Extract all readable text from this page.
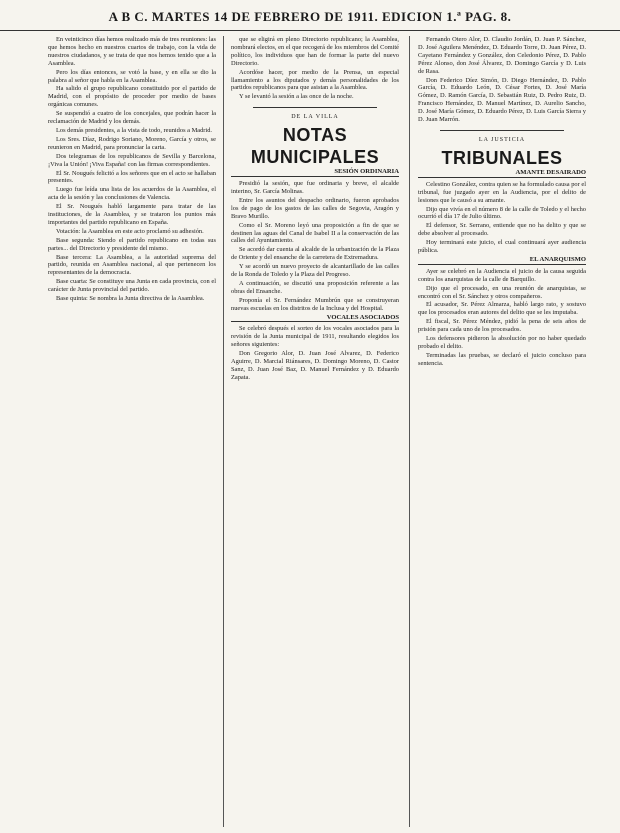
A B C. MARTES 14 DE FEBRERO DE 1911. EDICION 1.ª PAG. 8.

En veinticinco días hemos realizado más de tres reuniones: las que hemos hecho en nuestros cuartos de trabajo, con la vida de nuestros ciudadanos, y se trata de que nos hemos tenido que a la Asamblea.

Pero los días entonces, se votó la base, y en ella se dio la palabra al señor que habla en la Asamblea.

Ha salido el grupo republicano constituido por el partido de Madrid, con el propósito de proceder por medio de bases orgánicas comunes.

Se suspendió a cuatro de los concejales, que podrán hacer la reclamación de Madrid y los demás.

Los demás presidentes, a la vista de todo, reunidos a Madrid.

Los Sres. Díaz, Rodrigo Soriano, Moreno, García y otros, se reunieron en Madrid, para pronunciar la carta.

Dos telegramas de los republicanos de Sevilla y Barcelona, ¡Viva la Unión! ¡Viva España! con las firmas correspondientes.

El Sr. Nougués felicitó a los señores que en el acto se hallaban presentes.

Luego fue leída una lista de los acuerdos de la Asamblea, el acta de la sesión y las conclusiones de Valencia.

El Sr. Nougués habló largamente para tratar de las instituciones, de la Asamblea, y se trataron los puntos más importantes del partido republicano en España.

Votación: la Asamblea en este acto proclamó su adhesión.

Base segunda: Siendo el partido republicano en todas sus partes... del Directorio y presidente del mismo.

Base tercera: La Asamblea, a la autoridad suprema del partido, reunida en Asamblea nacional, al que pertenecen los representantes de la democracia.

Base cuarta: Se constituye una Junta en cada provincia, con el carácter de Junta provincial del partido.

Base quinta: Se nombra la Junta directiva de la Asamblea.

que se eligirá en pleno Directorio republicano; la Asamblea, nombrará electos, en el que recogerá de los miembros del Comité político, los individuos que han de formar la parte del nuevo Directorio.

Acordóse hacer, por medio de la Prensa, un especial llamamiento a los diputados y demás personalidades de los partidos republicanos para que asistan a la Asamblea.

Y se levantó la sesión a las once de la noche.

DE LA VILLA
NOTAS MUNICIPALES
SESIÓN ORDINARIA

Presidió la sesión, que fue ordinaria y breve, el alcalde interino, Sr. García Molinas.

Entre los asuntos del despacho ordinario, fueron aprobados los de pago de los gastos de las calles de Segovia, Aragón y Bravo Murillo.

Como el Sr. Moreno leyó una proposición a fin de que se destinen las aguas del Canal de Isabel II a la conservación de las calles del Ayuntamiento.

Se acordó dar cuenta al alcalde de la urbanización de la Plaza de Oriente y del ensanche de la carretera de Extremadura.

Y se acordó un nuevo proyecto de alcantarillado de las calles de la Ronda de Toledo y la Plaza del Progreso.

A continuación, se discutió una proposición referente a las obras del Ensanche.

Proponía el Sr. Fernández Mumbrún que se construyeran nuevas escuelas en los distritos de la Inclusa y del Hospital.

VOCALES ASOCIADOS

Se celebró después el sorteo de los vocales asociados para la revisión de la Junta municipal de 1911, resultando elegidos los señores siguientes:

Don Gregorio Alor, D. Juan José Alvarez, D. Federico Aguirre, D. Marcial Riánsares, D. Domingo Moreno, D. Castor Sanz, D. Juan José Baz, D. Manuel Fernández y D. Eduardo Zapata.

Fernando Otero Alor, D. Claudio Jordán, D. Juan P. Sánchez, D. José Aguilera Menéndez, D. Eduardo Torre, D. Juan Pérez, D. Cayetano Fernández y González, don Celedonio Pérez, D. Pablo Pérez Alonso, don José Álvarez, D. Domingo García y D. Luis de Rasa.

Don Federico Díez Simón, D. Diego Hernández, D. Pablo García, D. Eduardo León, D. César Fortes, D. José María Gómez, D. Ramón García, D. Sebastián Ruiz, D. Pedro Ruiz, D. Francisco Hernández, D. Manuel Martínez, D. Aurelio Sancho, D. José María Gómez, D. Eduardo Pérez, D. Luis García Sierra y D. Juan Marrón.

LA JUSTICIA
TRIBUNALES
AMANTE DESAIRADO

Celestino González, contra quien se ha formulado causa por el tribunal, fue juzgado ayer en la Audiencia, por el delito de lesiones que le causó a su amante.

Dijo que vivía en el número 8 de la calle de Toledo y el hecho ocurrió el día 17 de Julio último.

El defensor, Sr. Serrano, entiende que no ha delito y que se debe absolver al procesado.

Hoy terminará este juicio, el cual continuará ayer audiencia pública.

EL ANARQUISMO

Ayer se celebró en la Audiencia el juicio de la causa seguida contra los anarquistas de la calle de Barquillo.

Dijo que el procesado, en una reunión de anarquistas, se encontró con el Sr. Sánchez y otros compañeros.

El acusador, Sr. Pérez Almarza, habló largo rato, y sostuvo que los procesados eran autores del delito que se les imputaba.

El fiscal, Sr. Pérez Méndez, pidió la pena de seis años de prisión para cada uno de los procesados.

Los defensores pidieron la absolución por no haber quedado probado el delito.

Terminadas las pruebas, se declaró el juicio concluso para sentencia.
